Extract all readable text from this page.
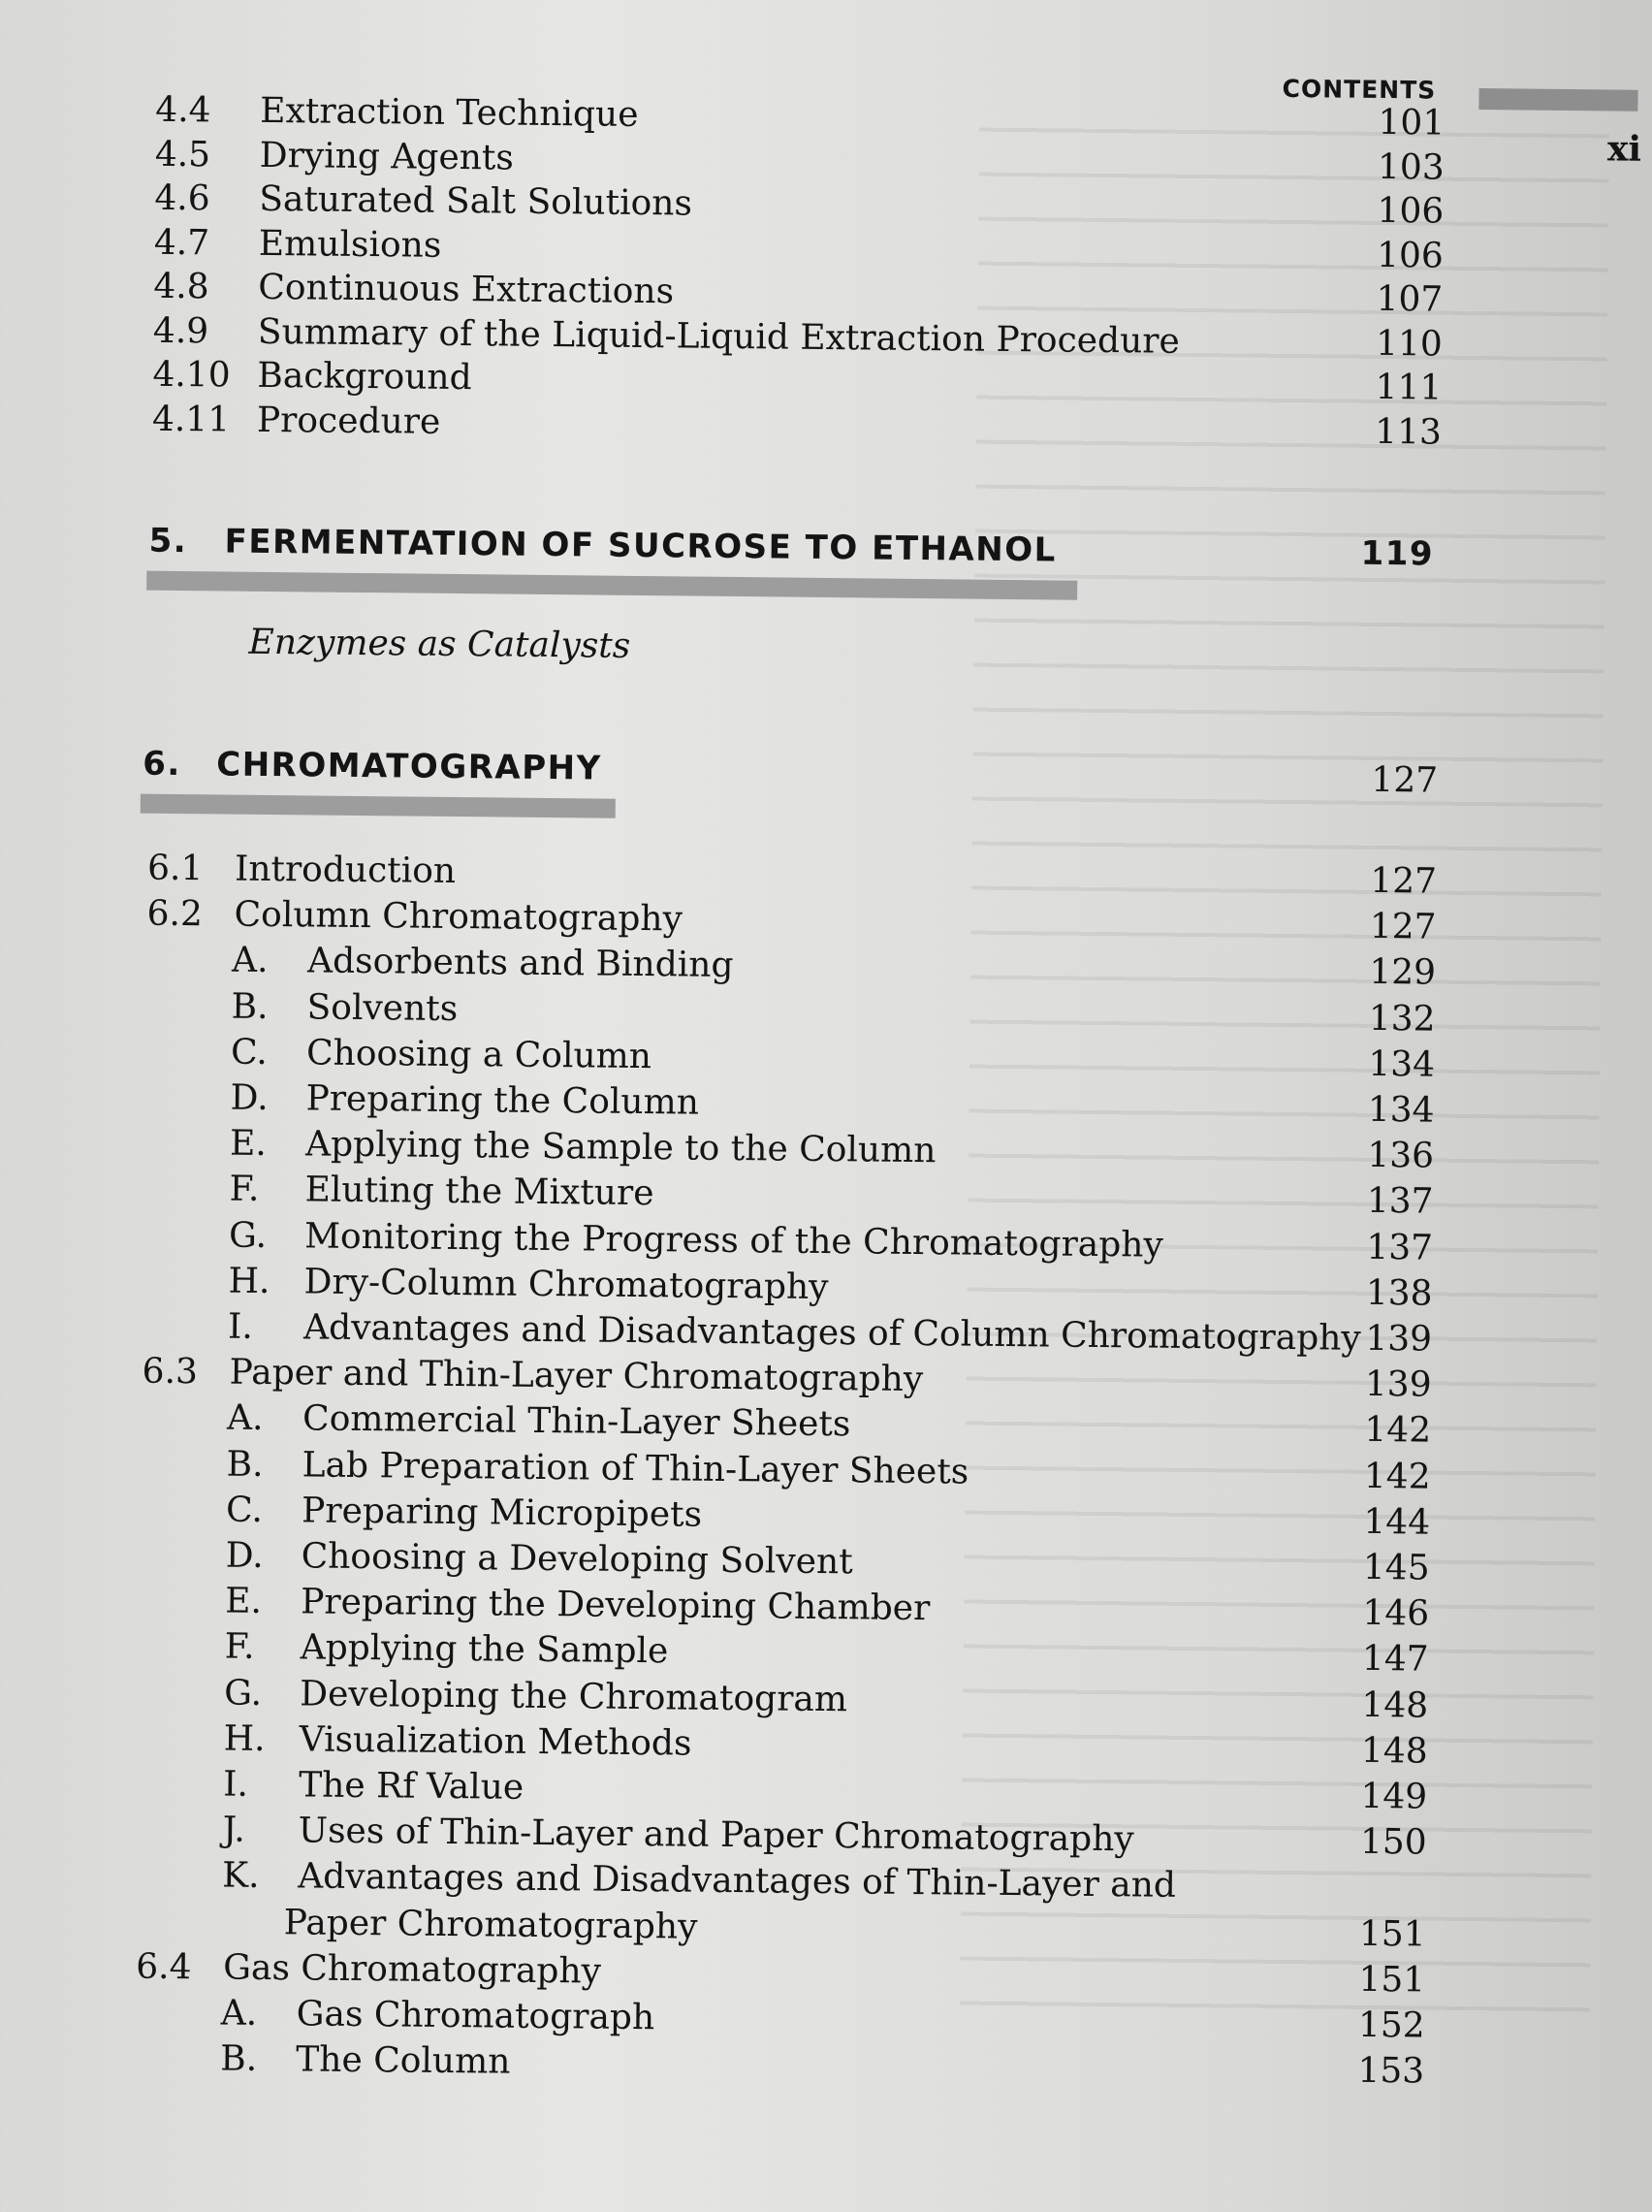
CONTENTS
xi
4.4 Extraction Technique	101
4.5 Drying Agents	103
4.6 Saturated Salt Solutions	106
4.7 Emulsions	106
4.8 Continuous Extractions	107
4.9 Summary of the Liquid-Liquid Extraction Procedure	110
4.10 Background	111
4.11 Procedure	113
5. FERMENTATION OF SUCROSE TO ETHANOL	119
Enzymes as Catalysts
6. CHROMATOGRAPHY	127
6.1 Introduction	127
6.2 Column Chromatography	127
A. Adsorbents and Binding	129
B. Solvents	132
C. Choosing a Column	134
D. Preparing the Column	134
E. Applying the Sample to the Column	136
F. Eluting the Mixture	137
G. Monitoring the Progress of the Chromatography	137
H. Dry-Column Chromatography	138
I. Advantages and Disadvantages of Column Chromatography 139
6.3 Paper and Thin-Layer Chromatography	139
A. Commercial Thin-Layer Sheets	142
B. Lab Preparation of Thin-Layer Sheets	142
C. Preparing Micropipets	144
D. Choosing a Developing Solvent	145
E. Preparing the Developing Chamber	146
F. Applying the Sample	147
G. Developing the Chromatogram	148
H. Visualization Methods	148
I. The Rf Value	149
J. Uses of Thin-Layer and Paper Chromatography	150
K. Advantages and Disadvantages of Thin-Layer and
Paper Chromatography	151
6.4 Gas Chromatography	151
A. Gas Chromatograph	152
B. The Column	153
